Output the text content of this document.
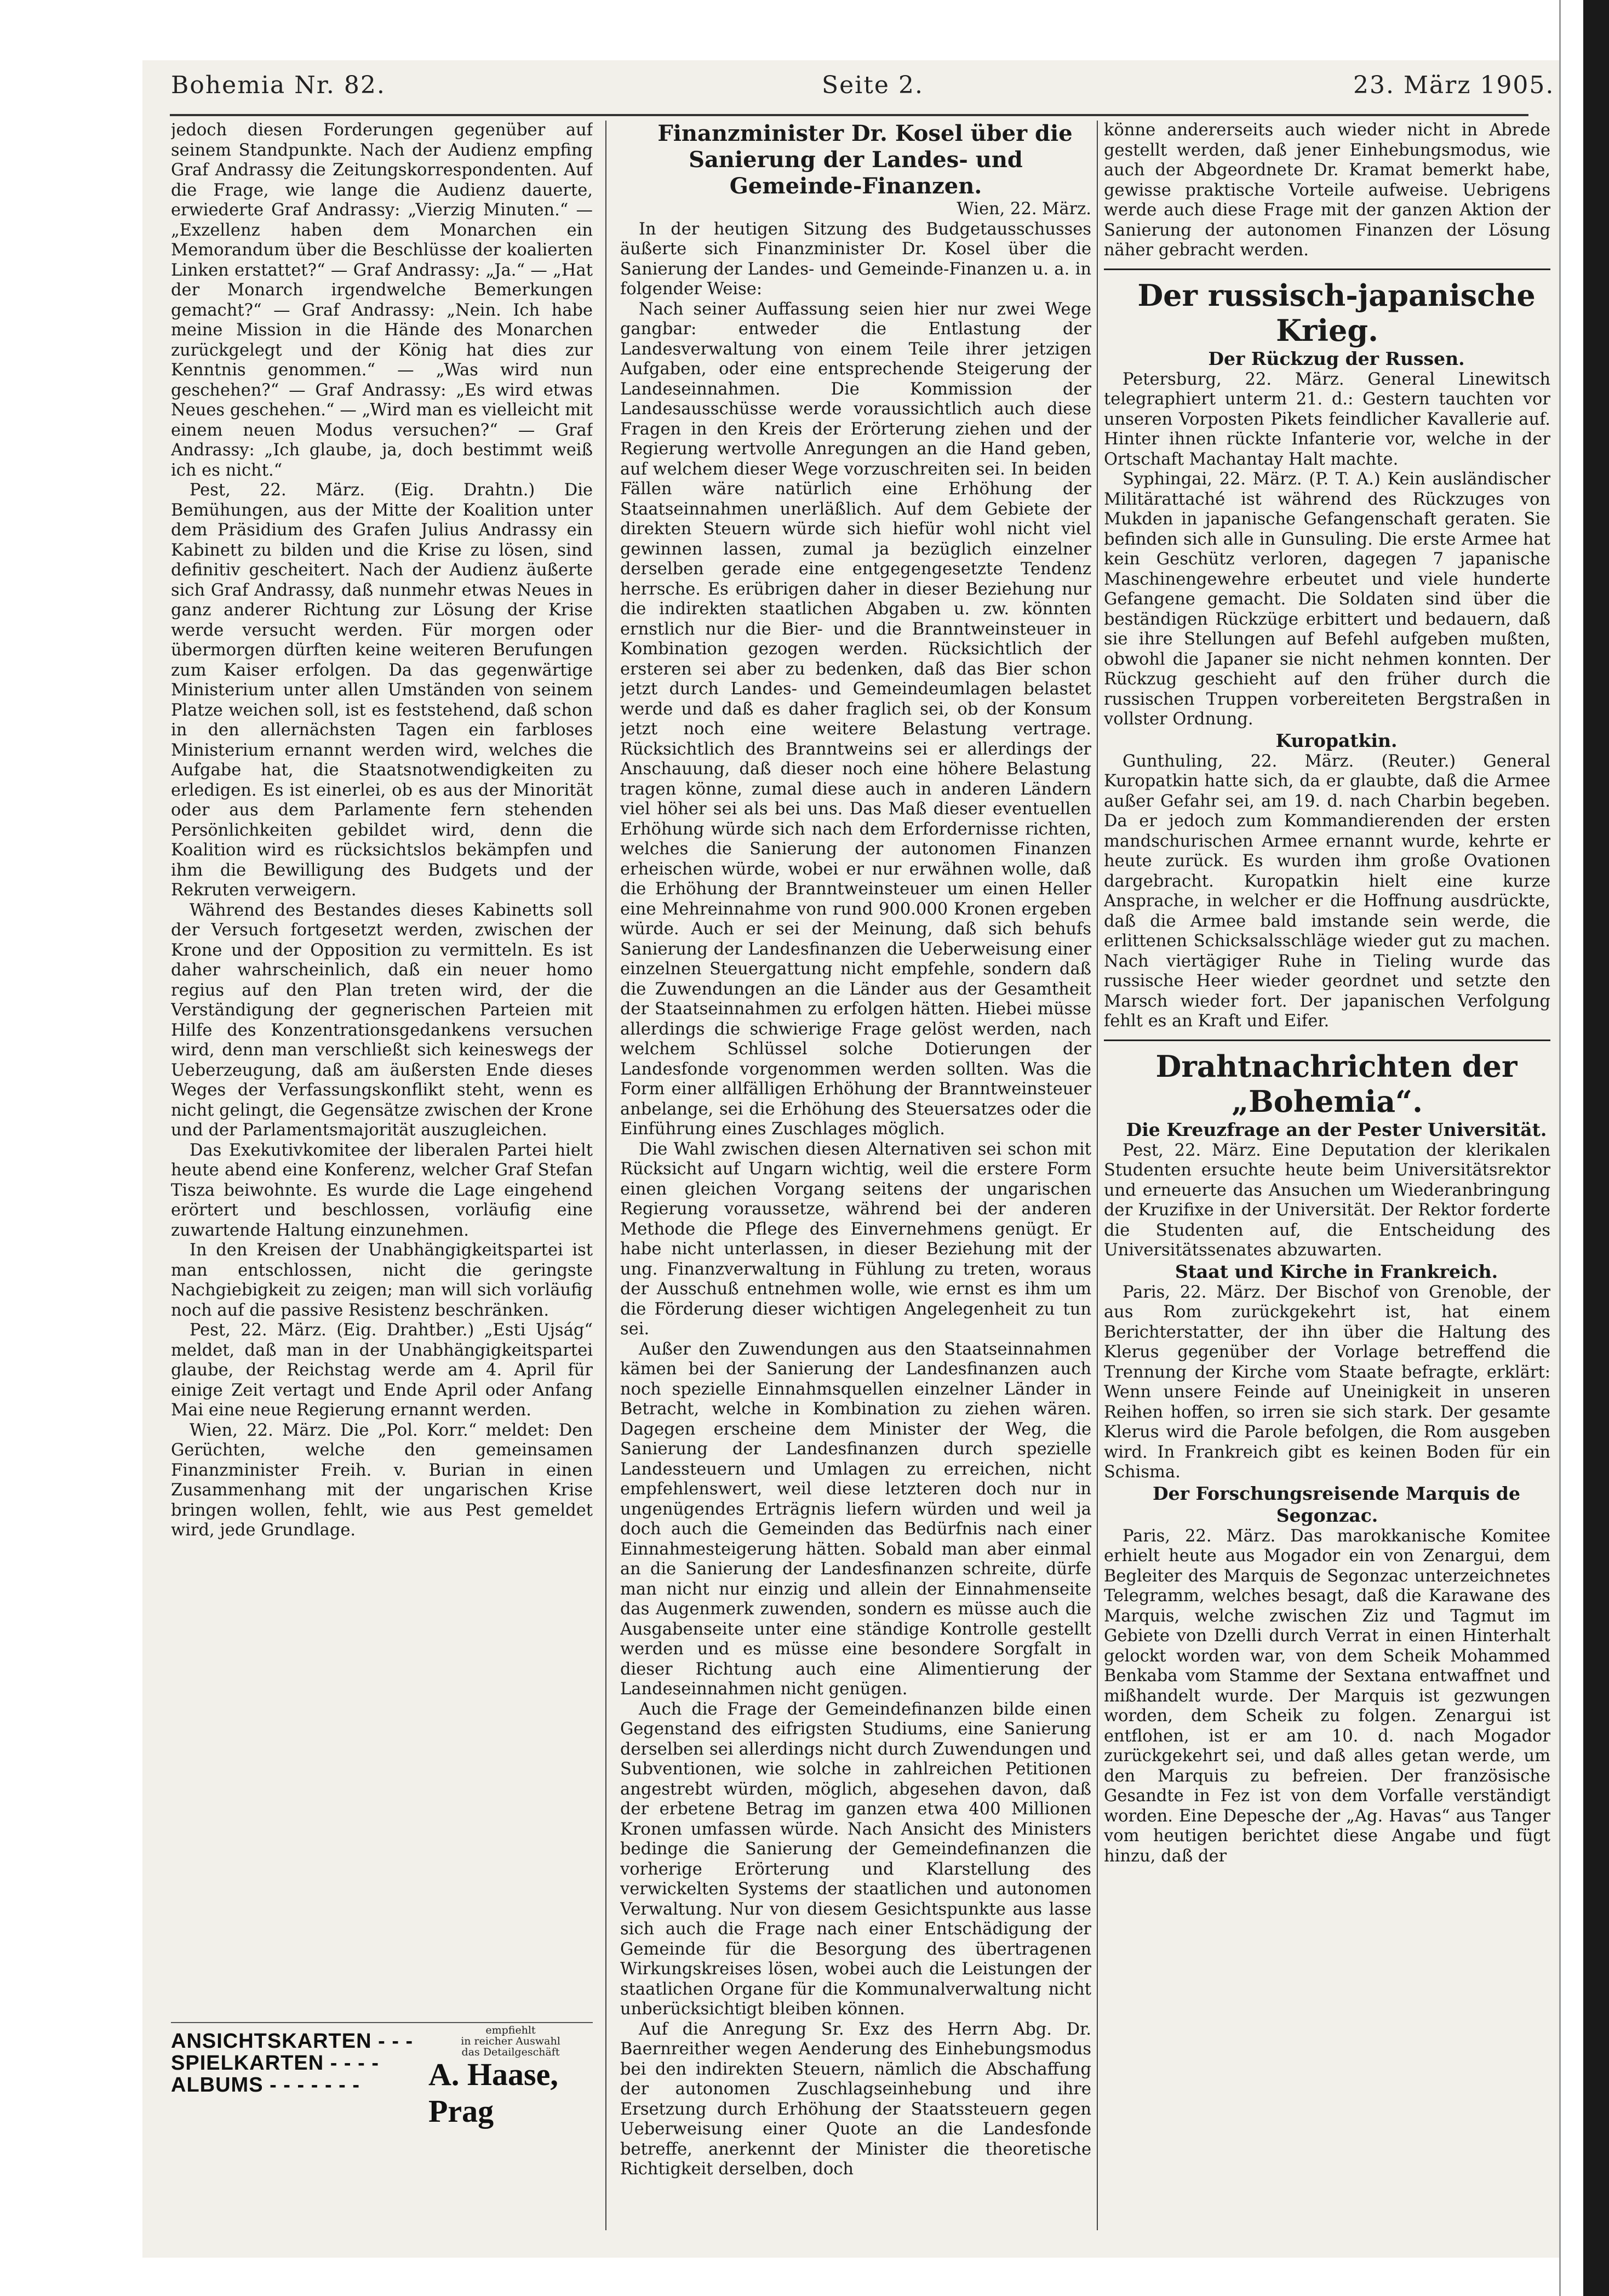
Bohemia Nr. 82.	Seite 2.	23. März 1905.

jedoch diesen Forderungen gegenüber auf seinem Standpunkte. Nach der Audienz empfing Graf Andrassy die Zeitungskorrespondenten. Auf die Frage, wie lange die Audienz dauerte, erwiederte Graf Andrassy: „Vierzig Minuten.“ — „Exzellenz haben dem Monarchen ein Memorandum über die Beschlüsse der koalierten Linken erstattet?“ — Graf Andrassy: „Ja.“ — „Hat der Monarch irgendwelche Bemerkungen gemacht?“ — Graf Andrassy: „Nein. Ich habe meine Mission in die Hände des Monarchen zurückgelegt und der König hat dies zur Kenntnis genommen.“ — „Was wird nun geschehen?“ — Graf Andrassy: „Es wird etwas Neues geschehen.“ — „Wird man es vielleicht mit einem neuen Modus versuchen?“ — Graf Andrassy: „Ich glaube, ja, doch bestimmt weiß ich es nicht.“

Pest, 22. März. (Eig. Drahtn.) Die Bemühungen, aus der Mitte der Koalition unter dem Präsidium des Grafen Julius Andrassy ein Kabinett zu bilden und die Krise zu lösen, sind definitiv gescheitert. Nach der Audienz äußerte sich Graf Andrassy, daß nunmehr etwas Neues in ganz anderer Richtung zur Lösung der Krise werde versucht werden. Für morgen oder übermorgen dürften keine weiteren Berufungen zum Kaiser erfolgen. Da das gegenwärtige Ministerium unter allen Umständen von seinem Platze weichen soll, ist es feststehend, daß schon in den allernächsten Tagen ein farbloses Ministerium ernannt werden wird, welches die Aufgabe hat, die Staatsnotwendigkeiten zu erledigen. Es ist einerlei, ob es aus der Minorität oder aus dem Parlamente fern stehenden Persönlichkeiten gebildet wird, denn die Koalition wird es rücksichtslos bekämpfen und ihm die Bewilligung des Budgets und der Rekruten verweigern.

Während des Bestandes dieses Kabinetts soll der Versuch fortgesetzt werden, zwischen der Krone und der Opposition zu vermitteln. Es ist daher wahrscheinlich, daß ein neuer homo regius auf den Plan treten wird, der die Verständigung der gegnerischen Parteien mit Hilfe des Konzentrationsgedankens versuchen wird, denn man verschließt sich keineswegs der Ueberzeugung, daß am äußersten Ende dieses Weges der Verfassungskonflikt steht, wenn es nicht gelingt, die Gegensätze zwischen der Krone und der Parlamentsmajorität auszugleichen.

Das Exekutivkomitee der liberalen Partei hielt heute abend eine Konferenz, welcher Graf Stefan Tisza beiwohnte. Es wurde die Lage eingehend erörtert und beschlossen, vorläufig eine zuwartende Haltung einzunehmen.

In den Kreisen der Unabhängigkeitspartei ist man entschlossen, nicht die geringste Nachgiebigkeit zu zeigen; man will sich vorläufig noch auf die passive Resistenz beschränken.

Pest, 22. März. (Eig. Drahtber.) „Esti Ujság“ meldet, daß man in der Unabhängigkeitspartei glaube, der Reichstag werde am 4. April für einige Zeit vertagt und Ende April oder Anfang Mai eine neue Regierung ernannt werden.

Wien, 22. März. Die „Pol. Korr.“ meldet: Den Gerüchten, welche den gemeinsamen Finanzminister Freih. v. Burian in einen Zusammenhang mit der ungarischen Krise bringen wollen, fehlt, wie aus Pest gemeldet wird, jede Grundlage.

ANSICHTSKARTEN - - -
SPIELKARTEN - - - -
ALBUMS - - - - - - -
empfiehlt
in reicher Auswahl
das Detailgeschäft
A. Haase, Prag

Finanzminister Dr. Kosel über die Sanierung der Landes- und Gemeinde-Finanzen.

Wien, 22. März.

In der heutigen Sitzung des Budgetausschusses äußerte sich Finanzminister Dr. Kosel über die Sanierung der Landes- und Gemeinde-Finanzen u. a. in folgender Weise:

Nach seiner Auffassung seien hier nur zwei Wege gangbar: entweder die Entlastung der Landesverwaltung von einem Teile ihrer jetzigen Aufgaben, oder eine entsprechende Steigerung der Landeseinnahmen. Die Kommission der Landesausschüsse werde voraussichtlich auch diese Fragen in den Kreis der Erörterung ziehen und der Regierung wertvolle Anregungen an die Hand geben, auf welchem dieser Wege vorzuschreiten sei. In beiden Fällen wäre natürlich eine Erhöhung der Staatseinnahmen unerläßlich. Auf dem Gebiete der direkten Steuern würde sich hiefür wohl nicht viel gewinnen lassen, zumal ja bezüglich einzelner derselben gerade eine entgegengesetzte Tendenz herrsche. Es erübrigen daher in dieser Beziehung nur die indirekten staatlichen Abgaben u. zw. könnten ernstlich nur die Bier- und die Branntweinsteuer in Kombination gezogen werden. Rücksichtlich der ersteren sei aber zu bedenken, daß das Bier schon jetzt durch Landes- und Gemeindeumlagen belastet werde und daß es daher fraglich sei, ob der Konsum jetzt noch eine weitere Belastung vertrage. Rücksichtlich des Branntweins sei er allerdings der Anschauung, daß dieser noch eine höhere Belastung tragen könne, zumal diese auch in anderen Ländern viel höher sei als bei uns. Das Maß dieser eventuellen Erhöhung würde sich nach dem Erfordernisse richten, welches die Sanierung der autonomen Finanzen erheischen würde, wobei er nur erwähnen wolle, daß die Erhöhung der Branntweinsteuer um einen Heller eine Mehreinnahme von rund 900.000 Kronen ergeben würde. Auch er sei der Meinung, daß sich behufs Sanierung der Landesfinanzen die Ueberweisung einer einzelnen Steuergattung nicht empfehle, sondern daß die Zuwendungen an die Länder aus der Gesamtheit der Staatseinnahmen zu erfolgen hätten. Hiebei müsse allerdings die schwierige Frage gelöst werden, nach welchem Schlüssel solche Dotierungen der Landesfonde vorgenommen werden sollten. Was die Form einer allfälligen Erhöhung der Branntweinsteuer anbelange, sei die Erhöhung des Steuersatzes oder die Einführung eines Zuschlages möglich.

Die Wahl zwischen diesen Alternativen sei schon mit Rücksicht auf Ungarn wichtig, weil die erstere Form einen gleichen Vorgang seitens der ungarischen Regierung voraussetze, während bei der anderen Methode die Pflege des Einvernehmens genügt. Er habe nicht unterlassen, in dieser Beziehung mit der ung. Finanzverwaltung in Fühlung zu treten, woraus der Ausschuß entnehmen wolle, wie ernst es ihm um die Förderung dieser wichtigen Angelegenheit zu tun sei.

Außer den Zuwendungen aus den Staatseinnahmen kämen bei der Sanierung der Landesfinanzen auch noch spezielle Einnahmsquellen einzelner Länder in Betracht, welche in Kombination zu ziehen wären. Dagegen erscheine dem Minister der Weg, die Sanierung der Landesfinanzen durch spezielle Landessteuern und Umlagen zu erreichen, nicht empfehlenswert, weil diese letzteren doch nur in ungenügendes Erträgnis liefern würden und weil ja doch auch die Gemeinden das Bedürfnis nach einer Einnahmesteigerung hätten. Sobald man aber einmal an die Sanierung der Landesfinanzen schreite, dürfe man nicht nur einzig und allein der Einnahmenseite das Augenmerk zuwenden, sondern es müsse auch die Ausgabenseite unter eine ständige Kontrolle gestellt werden und es müsse eine besondere Sorgfalt in dieser Richtung auch eine Alimentierung der Landeseinnahmen nicht genügen.

Auch die Frage der Gemeindefinanzen bilde einen Gegenstand des eifrigsten Studiums, eine Sanierung derselben sei allerdings nicht durch Zuwendungen und Subventionen, wie solche in zahlreichen Petitionen angestrebt würden, möglich, abgesehen davon, daß der erbetene Betrag im ganzen etwa 400 Millionen Kronen umfassen würde. Nach Ansicht des Ministers bedinge die Sanierung der Gemeindefinanzen die vorherige Erörterung und Klarstellung des verwickelten Systems der staatlichen und autonomen Verwaltung. Nur von diesem Gesichtspunkte aus lasse sich auch die Frage nach einer Entschädigung der Gemeinde für die Besorgung des übertragenen Wirkungskreises lösen, wobei auch die Leistungen der staatlichen Organe für die Kommunalverwaltung nicht unberücksichtigt bleiben können.

Auf die Anregung Sr. Exz des Herrn Abg. Dr. Baernreither wegen Aenderung des Einhebungsmodus bei den indirekten Steuern, nämlich die Abschaffung der autonomen Zuschlagseinhebung und ihre Ersetzung durch Erhöhung der Staatssteuern gegen Ueberweisung einer Quote an die Landesfonde betreffe, anerkennt der Minister die theoretische Richtigkeit derselben, doch

könne andererseits auch wieder nicht in Abrede gestellt werden, daß jener Einhebungsmodus, wie auch der Abgeordnete Dr. Kramat bemerkt habe, gewisse praktische Vorteile aufweise. Uebrigens werde auch diese Frage mit der ganzen Aktion der Sanierung der autonomen Finanzen der Lösung näher gebracht werden.

Der russisch-japanische Krieg.

Der Rückzug der Russen.

Petersburg, 22. März. General Linewitsch telegraphiert unterm 21. d.: Gestern tauchten vor unseren Vorposten Pikets feindlicher Kavallerie auf. Hinter ihnen rückte Infanterie vor, welche in der Ortschaft Machantay Halt machte.

Syphingai, 22. März. (P. T. A.) Kein ausländischer Militärattaché ist während des Rückzuges von Mukden in japanische Gefangenschaft geraten. Sie befinden sich alle in Gunsuling. Die erste Armee hat kein Geschütz verloren, dagegen 7 japanische Maschinengewehre erbeutet und viele hunderte Gefangene gemacht. Die Soldaten sind über die beständigen Rückzüge erbittert und bedauern, daß sie ihre Stellungen auf Befehl aufgeben mußten, obwohl die Japaner sie nicht nehmen konnten. Der Rückzug geschieht auf den früher durch die russischen Truppen vorbereiteten Bergstraßen in vollster Ordnung.

Kuropatkin.

Gunthuling, 22. März. (Reuter.) General Kuropatkin hatte sich, da er glaubte, daß die Armee außer Gefahr sei, am 19. d. nach Charbin begeben. Da er jedoch zum Kommandierenden der ersten mandschurischen Armee ernannt wurde, kehrte er heute zurück. Es wurden ihm große Ovationen dargebracht. Kuropatkin hielt eine kurze Ansprache, in welcher er die Hoffnung ausdrückte, daß die Armee bald imstande sein werde, die erlittenen Schicksalsschläge wieder gut zu machen. Nach viertägiger Ruhe in Tieling wurde das russische Heer wieder geordnet und setzte den Marsch wieder fort. Der japanischen Verfolgung fehlt es an Kraft und Eifer.

Drahtnachrichten der „Bohemia“.

Die Kreuzfrage an der Pester Universität.

Pest, 22. März. Eine Deputation der klerikalen Studenten ersuchte heute beim Universitätsrektor und erneuerte das Ansuchen um Wiederanbringung der Kruzifixe in der Universität. Der Rektor forderte die Studenten auf, die Entscheidung des Universitätssenates abzuwarten.

Staat und Kirche in Frankreich.

Paris, 22. März. Der Bischof von Grenoble, der aus Rom zurückgekehrt ist, hat einem Berichterstatter, der ihn über die Haltung des Klerus gegenüber der Vorlage betreffend die Trennung der Kirche vom Staate befragte, erklärt: Wenn unsere Feinde auf Uneinigkeit in unseren Reihen hoffen, so irren sie sich stark. Der gesamte Klerus wird die Parole befolgen, die Rom ausgeben wird. In Frankreich gibt es keinen Boden für ein Schisma.

Der Forschungsreisende Marquis de Segonzac.

Paris, 22. März. Das marokkanische Komitee erhielt heute aus Mogador ein von Zenargui, dem Begleiter des Marquis de Segonzac unterzeichnetes Telegramm, welches besagt, daß die Karawane des Marquis, welche zwischen Ziz und Tagmut im Gebiete von Dzelli durch Verrat in einen Hinterhalt gelockt worden war, von dem Scheik Mohammed Benkaba vom Stamme der Sextana entwaffnet und mißhandelt wurde. Der Marquis ist gezwungen worden, dem Scheik zu folgen. Zenargui ist entflohen, ist er am 10. d. nach Mogador zurückgekehrt sei, und daß alles getan werde, um den Marquis zu befreien. Der französische Gesandte in Fez ist von dem Vorfalle verständigt worden. Eine Depesche der „Ag. Havas“ aus Tanger vom heutigen berichtet diese Angabe und fügt hinzu, daß der
